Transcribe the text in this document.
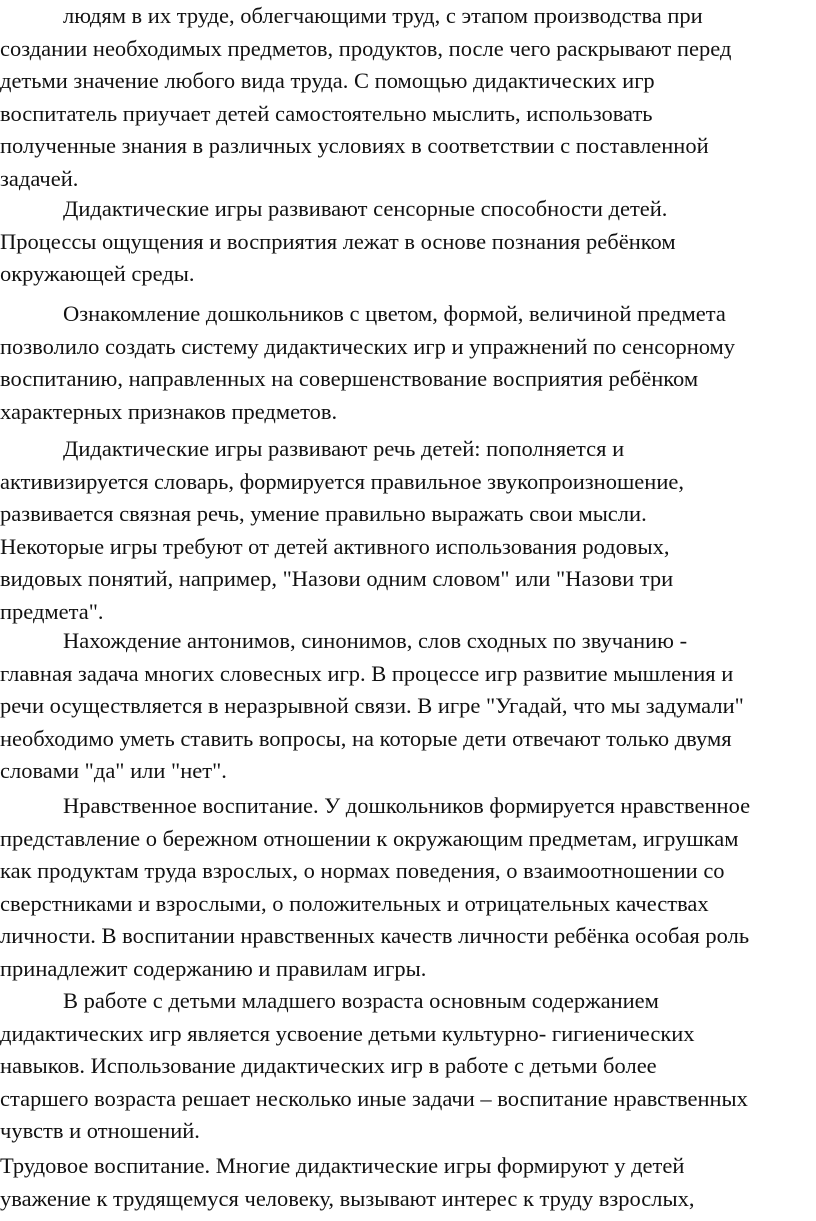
людям в их труде, облегчающими труд, с этапом производства при
создании необходимых предметов, продуктов, после чего раскрывают перед
детьми значение любого вида труда. С помощью дидактических игр
воспитатель приучает детей самостоятельно мыслить, использовать
полученные знания в различных условиях в соответствии с поставленной
задачей.
Дидактические игры развивают сенсорные способности детей.
Процессы ощущения и восприятия лежат в основе познания ребёнком
окружающей среды.
Ознакомление дошкольников с цветом, формой, величиной предмета
позволило создать систему дидактических игр и упражнений по сенсорному
воспитанию, направленных на совершенствование восприятия ребёнком
характерных признаков предметов.
Дидактические игры развивают речь детей: пополняется и
активизируется словарь, формируется правильное звукопроизношение,
развивается связная речь, умение правильно выражать свои мысли.
Некоторые игры требуют от детей активного использования родовых,
видовых понятий, например, "Назови одним словом" или "Назови три
предмета".
Нахождение антонимов, синонимов, слов сходных по звучанию -
главная задача многих словесных игр. В процессе игр развитие мышления и
речи осуществляется в неразрывной связи. В игре "Угадай, что мы задумали"
необходимо уметь ставить вопросы, на которые дети отвечают только двумя
словами "да" или "нет".
Нравственное воспитание. У дошкольников формируется нравственное
представление о бережном отношении к окружающим предметам, игрушкам
как продуктам труда взрослых, о нормах поведения, о взаимоотношении со
сверстниками и взрослыми, о положительных и отрицательных качествах
личности. В воспитании нравственных качеств личности ребёнка особая роль
принадлежит содержанию и правилам игры.
В работе с детьми младшего возраста основным содержанием
дидактических игр является усвоение детьми культурно- гигиенических
навыков. Использование дидактических игр в работе с детьми более
старшего возраста решает несколько иные задачи – воспитание нравственных
чувств и отношений.
Трудовое воспитание. Многие дидактические игры формируют у детей
уважение к трудящемуся человеку, вызывают интерес к труду взрослых,
